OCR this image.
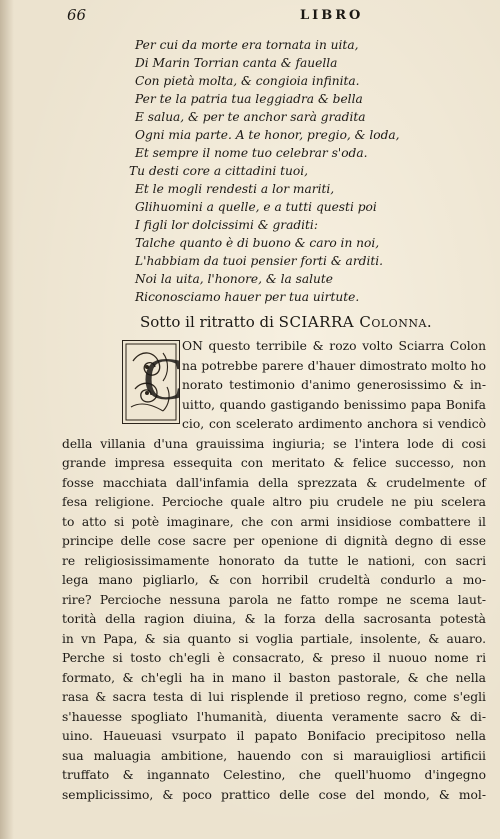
66	LIBRO
Per cui da morte era tornata in uita,
Di Marin Torrian canta & fauella
Con pietà molta, & congioia infinita.
Per te la patria tua leggiadra & bella
E salua, & per te anchor sarà gradita
Ogni mia parte. A te honor, pregio, & loda,
Et sempre il nome tuo celebrar s'oda.
Tu desti core a cittadini tuoi,
Et le mogli rendesti a lor mariti,
Glihuomini a quelle, e a tutti questi poi
I figli lor dolcissimi & graditi:
Talche quanto è di buono & caro in noi,
L'habbiam da tuoi pensier forti & arditi.
Noi la uita, l'honore, & la salute
Riconosciamo hauer per tua uirtute.
Sotto il ritratto di SCIARRA Colonna.
C
ON questo terribile & rozo volto Sciarra Colon
na potrebbe parere d'hauer dimostrato molto ho
norato testimonio d'animo generosissimo & in-
uitto, quando gastigando benissimo papa Bonifa
cio, con scelerato ardimento anchora si vendicò
della villania d'una grauissima ingiuria; se l'intera lode di cosi
grande impresa essequita con meritato & felice successo, non
fosse macchiata dall'infamia della sprezzata & crudelmente of
fesa religione. Percioche quale altro piu crudele ne piu scelera
to atto si potè imaginare, che con armi insidiose combattere il
principe delle cose sacre per openione di dignità degno di esse
re religiosissimamente honorato da tutte le nationi, con sacri
lega mano pigliarlo, & con horribil crudeltà condurlo a mo-
rire? Percioche nessuna parola ne fatto rompe ne scema laut-
torità della ragion diuina, & la forza della sacrosanta potestà
in vn Papa, & sia quanto si voglia partiale, insolente, & auaro.
Perche si tosto ch'egli è consacrato, & preso il nuouo nome ri
formato, & ch'egli ha in mano il baston pastorale, & che nella
rasa & sacra testa di lui risplende il pretioso regno, come s'egli
s'hauesse spogliato l'humanità, diuenta veramente sacro & di-
uino. Haueuasi vsurpato il papato Bonifacio precipitoso nella
sua maluagia ambitione, hauendo con si marauigliosi artificii
truffato & ingannato Celestino, che quell'huomo d'ingegno
semplicissimo, & poco prattico delle cose del mondo, & mol-
